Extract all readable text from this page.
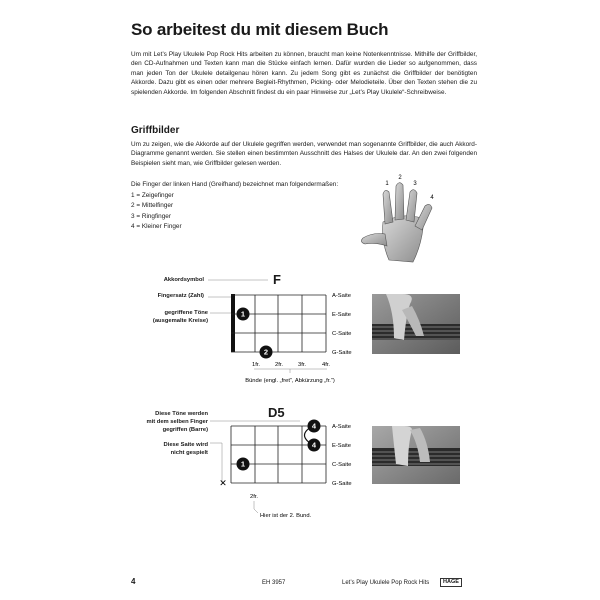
So arbeitest du mit diesem Buch
Um mit Let’s Play Ukulele Pop Rock Hits arbeiten zu können, braucht man keine Notenkenntnisse. Mithilfe der Griffbilder, den CD-Aufnahmen und Texten kann man die Stücke einfach lernen. Dafür wurden die Lieder so aufgenommen, dass man jeden Ton der Ukulele detailgenau hören kann. Zu jedem Song gibt es zunächst die Griffbilder der benötigten Akkorde. Dazu gibt es einen oder mehrere Begleit-Rhythmen, Picking- oder Melodieteile. Über den Texten stehen die zu spielenden Akkorde. Im folgenden Abschnitt findest du ein paar Hinweise zur „Let’s Play Ukulele“-Schreibweise.
Griffbilder
Um zu zeigen, wie die Akkorde auf der Ukulele gegriffen werden, verwendet man sogenannte Griffbilder, die auch Akkord-Diagramme genannt werden. Sie stellen einen bestimmten Ausschnitt des Halses der Ukulele dar. An den zwei folgenden Beispielen sieht man, wie Griffbilder gelesen werden.
Die Finger der linken Hand (Greifhand) bezeichnet man folgendermaßen:
1 = Zeigefinger
2 = Mittelfinger
3 = Ringfinger
4 = Kleiner Finger
1
2
3
4
Akkordsymbol
Fingersatz (Zahl)
gegriffene Töne
(ausgemalte Kreise)
F
1
2
A-Saite
E-Saite
C-Saite
G-Saite
1fr.	2fr.	3fr.	4fr.
Bünde (engl. „fret“, Abkürzung „fr.“)
D5
Diese Töne werden
mit dem selben Finger
gegriffen (Barre)
Diese Saite wird
nicht gespielt
4
4
1
✕
A-Saite
E-Saite
C-Saite
G-Saite
2fr.
Hier ist der 2. Bund.
4	EH 3957	Let’s Play Ukulele Pop Rock Hits	HAGE
